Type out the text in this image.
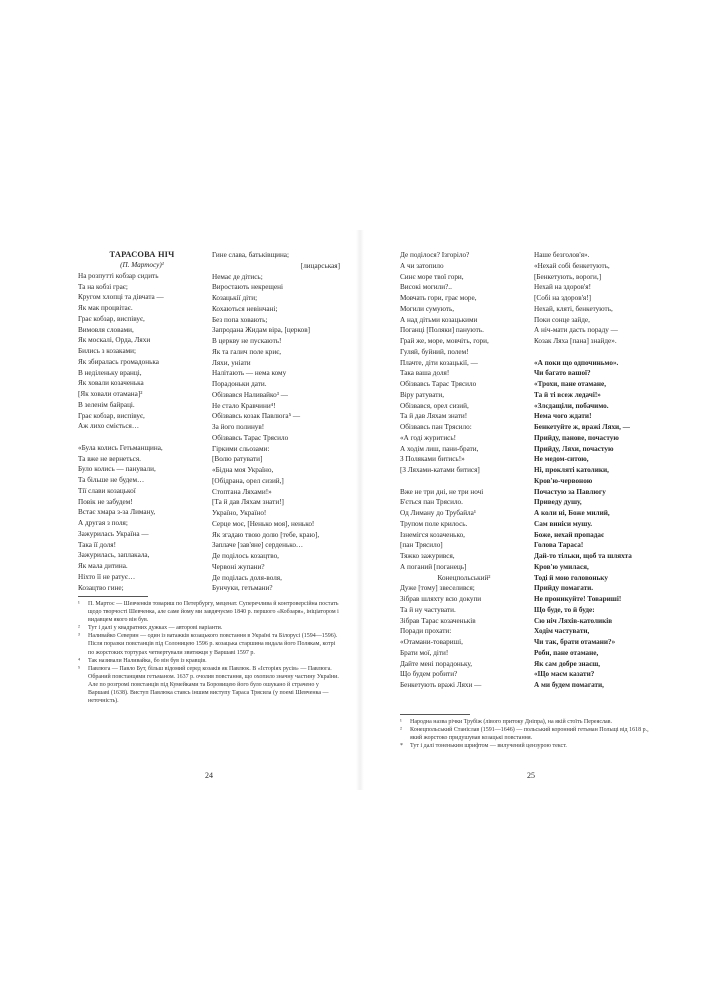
ТАРАСОВА НІЧ
(П. Мартосу)¹
На розпутті кобзар сидить
Та на кобзі грає;
Кругом хлопці та дівчата —
Як мак процвітає.
Грає кобзар, виспівує,
Вимовля словами,
Як москалі, Орда, Ляхи
Бились з козаками;
Як збиралась громадонька
В неділеньку вранці,
Як ховали козаченька
[Як ховали отамана]²
В зеленім байраці.
Грає кобзар, виспівує,
Аж лихо сміється…
«Була колись Гетьманщина,
Та вже не вернеться.
Було колись — панували,
Та більше не будем…
Тії слави козацької
Повік не забудем!
Встає хмара з-за Лиману,
А другая з поля;
Зажурилась Україна —
Така її доля!
Зажурилась, заплакала,
Як мала дитина.
Ніхто її не ратує…
Козацтво гине;
Гине слава, батьківщина;
[лицарськая]
Немає де дітись;
Виростають некрещені
Козацькії діти;
Кохаються невінчані;
Без попа ховають;
Запродана Жидам віра, [церков]
В церкву не пускають!
Як та галич поле криє,
Ляхи, уніати
Налітають — нема кому
Порадоньки дати.
Обізвався Наливайко³ —
Не стало Кравчини⁴!
Обізвавсь козак Павлюга⁵ —
За його полинув!
Обізвавсь Тарас Трясило
Гіркими сльозами:
[Волю ратувати]
«Бідна моя Україно,
[Обідрана, орел сизий,]
Стоптана Ляхами!»
[Та й дав Ляхам знати!]
Україно, Україно!
Серце моє, [Ненько моя], ненько!
Як згадаю твою долю [тебе, краю],
Заплаче [зав'яне] серденько…
Де поділось козацтво,
Червоні жупани?
Де поділась доля-воля,
Бунчуки, гетьмани?
¹ П. Мартос — Шевченків товариш по Петербургу, меценат. Суперечлива й контроверсійна постать щодо творчості Шевченка, але саме йому ми завдячуємо 1840 р. першого «Кобзаря», ініціатором і видавцем якого він був.
² Тут і далі у квадратних дужках — авторові варіанти.
³ Наливайко Северин — один із ватажків козацького повстання в Україні та Білорусі (1594—1596). Після поразки повстанців під Солоницею 1596 р. козацька старшина видала його Полякам, котрі по жорстоких тортурах четвертували звитяжця у Варшаві 1597 р.
⁴ Так називали Наливайка, бо він був із кравців.
⁵ Павлюга — Павло Бут, більш відомий серед козаків як Павлюк. В «Історіях русів» — Павлюга. Обраний повстанцями гетьманом. 1637 р. очолив повстання, що охопило значну частину України. Але по розгромі повстанців під Кумейками та Боровицею його було ошукано й страчено у Варшаві (1638). Виступ Павлюка ставсь іншим виступу Тараса Трясила (у поемі Шевченка — неточність).
24
Де поділося? Ізгоріло?
А чи затопило
Синє море твої гори,
Високі могили?..
Мовчать гори, грає море,
Могили сумують,
А над дітьми козацькими
Поганці [Поляки] панують.
Грай же, море, мовчіть, гори,
Гуляй, буйний, полем!
Плачте, діти козацькії, —
Така ваша доля!
Обізвавсь Тарас Трясило
Віру ратувати,
Обізвався, орел сизий,
Та й дав Ляхам знати!
Обізвавсь пан Трясило:
«А годі журитись!
А ходім лиш, пани-брати,
З Поляками битись!»
[З Ляхами-катами битися]
Вже не три дні, не три ночі
Б'ється пан Трясило.
Од Лиману до Трубайла¹
Трупом поле крилось.
Ізнемігся козаченько,
[пан Трясило]
Тяжко зажурився,
А поганий [поганець]
Конецпольський²
Дуже [тому] звеселився;
Зібрав шляхту всю докупи
Та й ну частувати.
Зібрав Тарас козаченьків
Поради прохати:
«Отамани-товариші,
Брати мої, діти!
Дайте мені порадоньку,
Що будем робити?
Бенкетують вражі Ляхи —
Наше безголов'я».
«Нехай собі бенкетують,
[Бенкетують, вороги,]
Нехай на здоров'я!
[Собі на здоров'я!]
Нехай, кляті, бенкетують,
Поки сонце зайде,
А ніч-мати дасть пораду —
Козак Ляха [пана] знайде».
«А поки що одпочиньмо».
Чи багато вашої?
«Трохи, пане отамане,
Та й ті всеж ледачі!»
«Злєдащіли, побачимо.
Нема чого ждати!
Бенкетуйте ж, вражі Ляхи, —
Прийду, панове, почастую
Прийду, Ляхи, почастую
Не медом-ситою,
Ні, прокляті католики,
Кров'ю-червоною
Почастую за Павлюгу
Приведу душу,
А коли ні, Боже милий,
Сам виніси мушу.
Боже, нехай пропадає
Голова Тараса!
Дай-то тільки, щоб та шляхта
Кров'ю умилася,
Тоді й мою головоньку
Прийду помагати.
Не проникуйте! Товариші!
Що буде, то й буде:
Сю ніч Ляхів-католиків
Ходім частувати,
Чи так, брати отамани?»
Роби, пане отамане,
Як сам добре знаєш,
«Що маєм казати?
А ми будем помагати,
¹ Народна назва річки Трубіж (лівого притоку Дніпра), на якій стоїть Переяслав.
² Конецпольський Станіслав (1591—1646) — польський коронний гетьман Польщі від 1618 р., який жорстоко придушував козацькі повстання.
* Тут і далі тоненьким шрифтом — вилучений цензурою текст.
25
